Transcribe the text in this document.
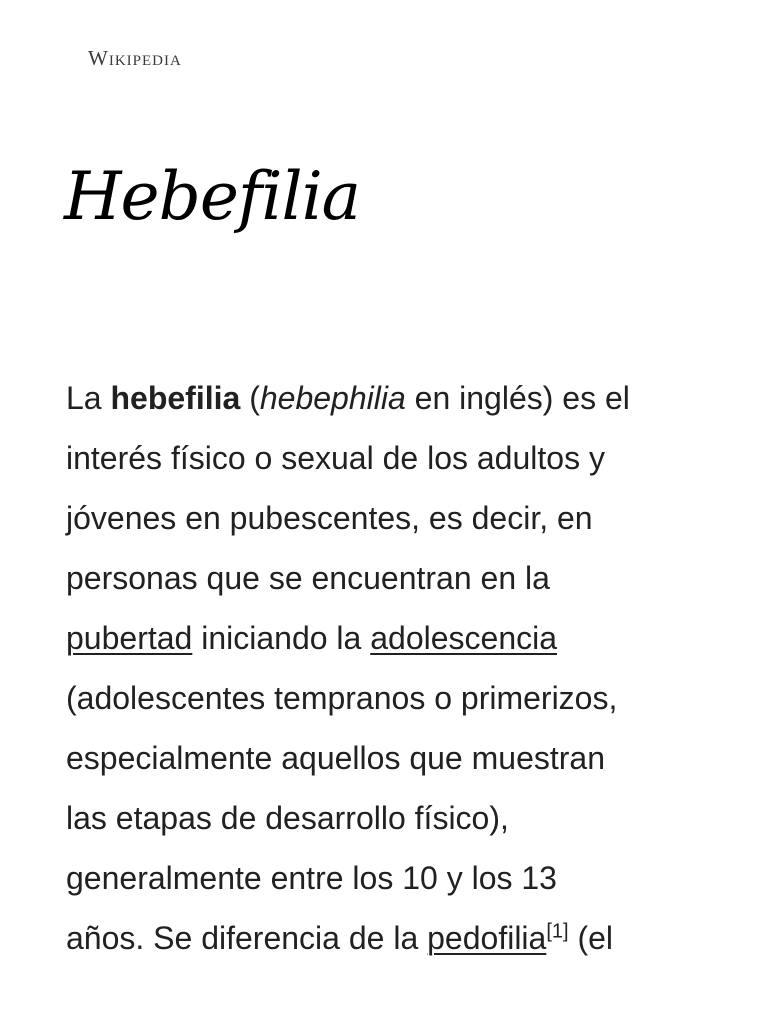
Wikipedia
Hebefilia

La hebefilia (hebephilia en inglés) es el
interés físico o sexual de los adultos y
jóvenes en pubescentes, es decir, en
personas que se encuentran en la
pubertad iniciando la adolescencia
(adolescentes tempranos o primerizos,
especialmente aquellos que muestran
las etapas de desarrollo físico),
generalmente entre los 10 y los 13
años. Se diferencia de la pedofilia[1] (el
